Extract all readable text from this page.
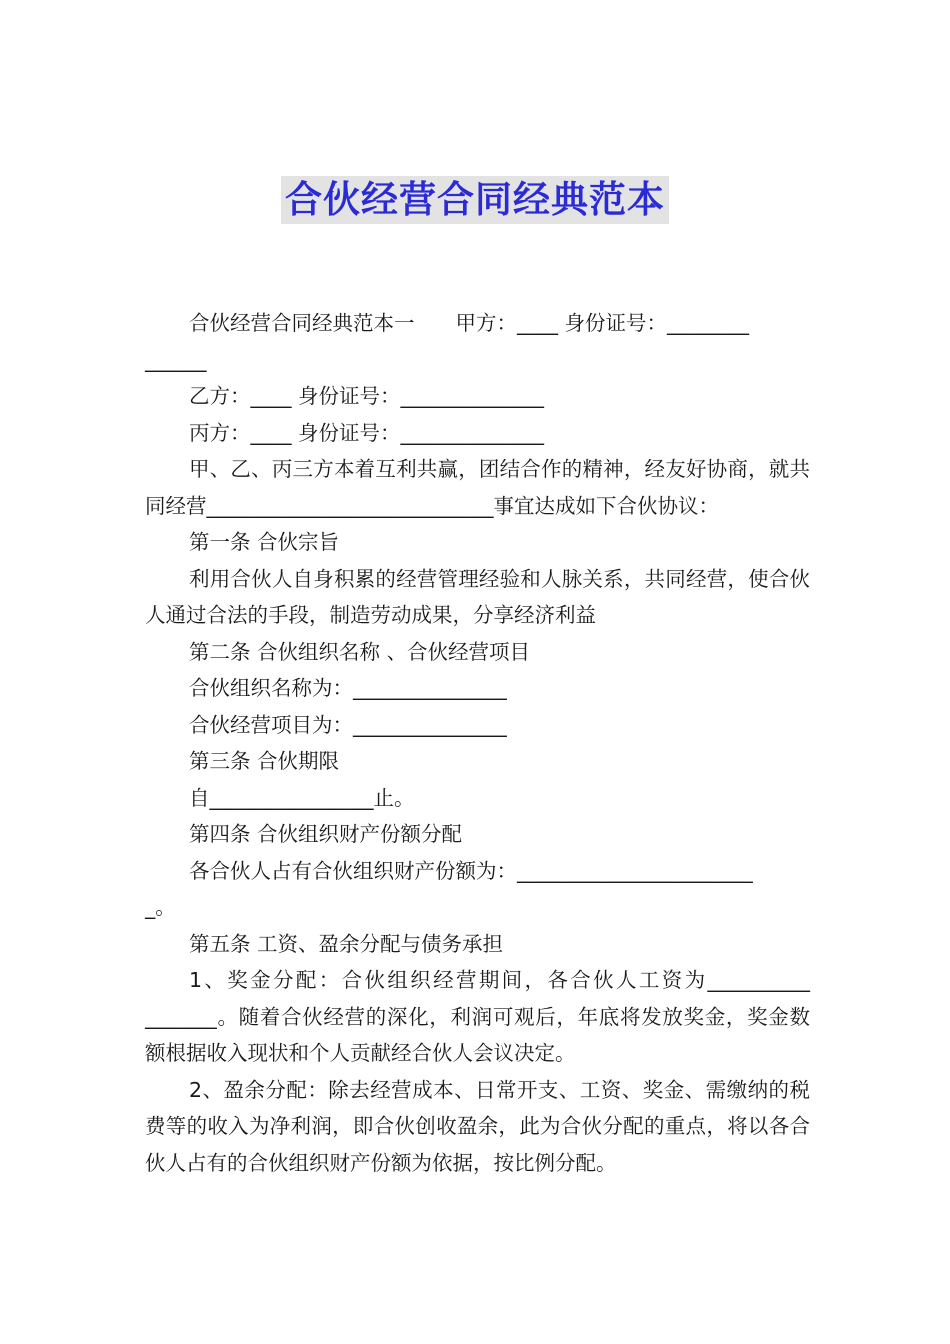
合伙经营合同经典范本

合伙经营合同经典范本一　　甲方：____ 身份证号：________

______

乙方：____ 身份证号：______________

丙方：____ 身份证号：______________

甲、乙、丙三方本着互利共赢，团结合作的精神，经友好协商，就共同经营____________________________事宜达成如下合伙协议：

第一条 合伙宗旨

利用合伙人自身积累的经营管理经验和人脉关系，共同经营，使合伙人通过合法的手段，制造劳动成果，分享经济利益

第二条 合伙组织名称 、合伙经营项目

合伙组织名称为：_______________

合伙经营项目为：_______________

第三条 合伙期限

自________________止。

第四条 合伙组织财产份额分配

各合伙人占有合伙组织财产份额为：_______________________

_。

第五条 工资、盈余分配与债务承担

1、奖金分配：合伙组织经营期间，各合伙人工资为__________ _______。随着合伙经营的深化，利润可观后，年底将发放奖金，奖金数额根据收入现状和个人贡献经合伙人会议决定。

2、盈余分配：除去经营成本、日常开支、工资、奖金、需缴纳的税费等的收入为净利润，即合伙创收盈余，此为合伙分配的重点，将以各合伙人占有的合伙组织财产份额为依据，按比例分配。
